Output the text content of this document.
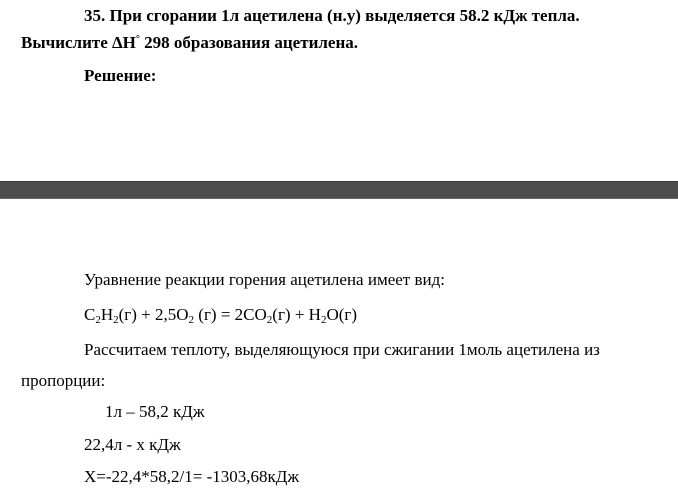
35. При сгорании 1л ацетилена (н.у) выделяется 58.2 кДж тепла.
Вычислите ΔH° 298 образования ацетилена.
Решение:
Уравнение реакции горения ацетилена имеет вид:
$C_2H_2(г) + 2,5O_2$ $(г) = 2CO_2(г) + H_2O(г)$
Рассчитаем теплоту, выделяющуюся при сжигании 1моль ацетилена из
пропорции:
1л – 58,2 кДж
22,4л - х кДж
X=-22,4*58,2/1= -1303,68кДж
